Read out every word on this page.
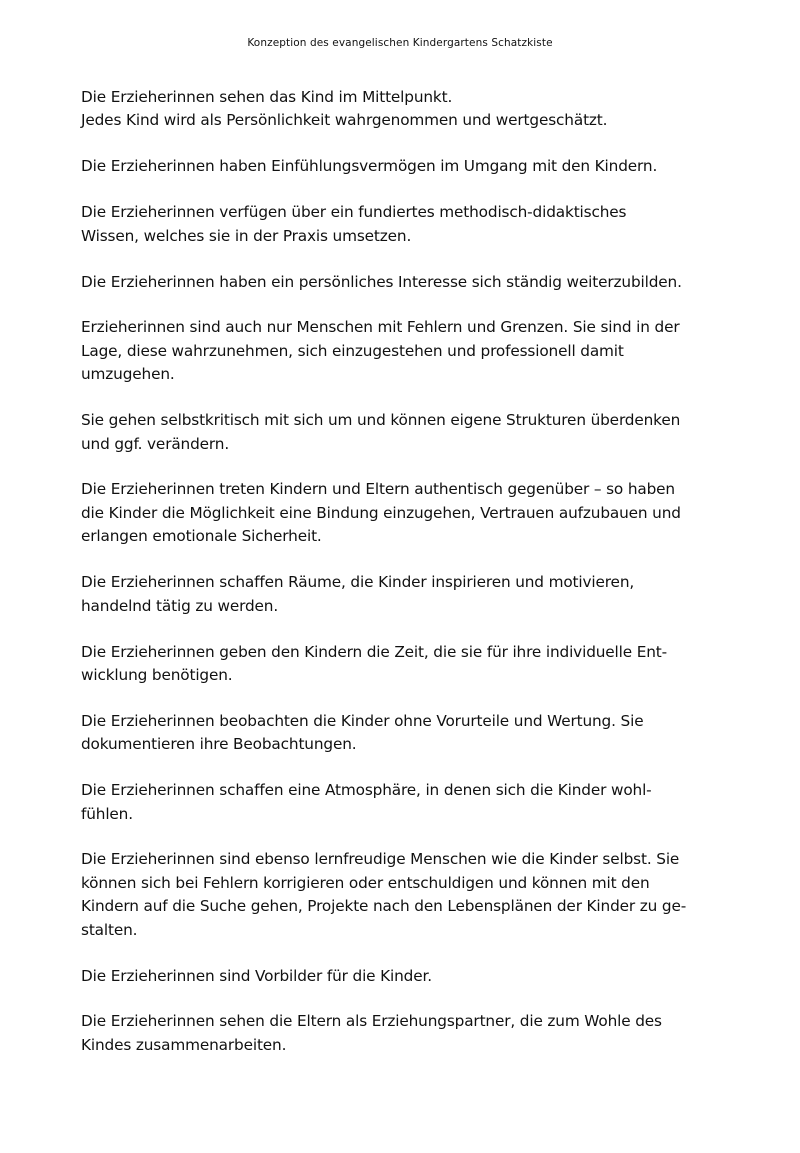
Konzeption des evangelischen Kindergartens Schatzkiste

Die Erzieherinnen sehen das Kind im Mittelpunkt.
Jedes Kind wird als Persönlichkeit wahrgenommen und wertgeschätzt.

Die Erzieherinnen haben Einfühlungsvermögen im Umgang mit den Kindern.

Die Erzieherinnen verfügen über ein fundiertes methodisch-didaktisches
Wissen, welches sie in der Praxis umsetzen.

Die Erzieherinnen haben ein persönliches Interesse sich ständig weiterzubilden.

Erzieherinnen sind auch nur Menschen mit Fehlern und Grenzen. Sie sind in der
Lage, diese wahrzunehmen, sich einzugestehen und professionell damit
umzugehen.

Sie gehen selbstkritisch mit sich um und können eigene Strukturen überdenken
und ggf. verändern.

Die Erzieherinnen treten Kindern und Eltern authentisch gegenüber – so haben
die Kinder die Möglichkeit eine Bindung einzugehen, Vertrauen aufzubauen und
erlangen emotionale Sicherheit.

Die Erzieherinnen schaffen Räume, die Kinder inspirieren und motivieren,
handelnd tätig zu werden.

Die Erzieherinnen geben den Kindern die Zeit, die sie für ihre individuelle Ent-
wicklung benötigen.

Die Erzieherinnen beobachten die Kinder ohne Vorurteile und Wertung. Sie
dokumentieren ihre Beobachtungen.

Die Erzieherinnen schaffen eine Atmosphäre, in denen sich die Kinder wohl-
fühlen.

Die Erzieherinnen sind ebenso lernfreudige Menschen wie die Kinder selbst. Sie
können sich bei Fehlern korrigieren oder entschuldigen und können mit den
Kindern auf die Suche gehen, Projekte nach den Lebensplänen der Kinder zu ge-
stalten.

Die Erzieherinnen sind Vorbilder für die Kinder.

Die Erzieherinnen sehen die Eltern als Erziehungspartner, die zum Wohle des
Kindes zusammenarbeiten.
